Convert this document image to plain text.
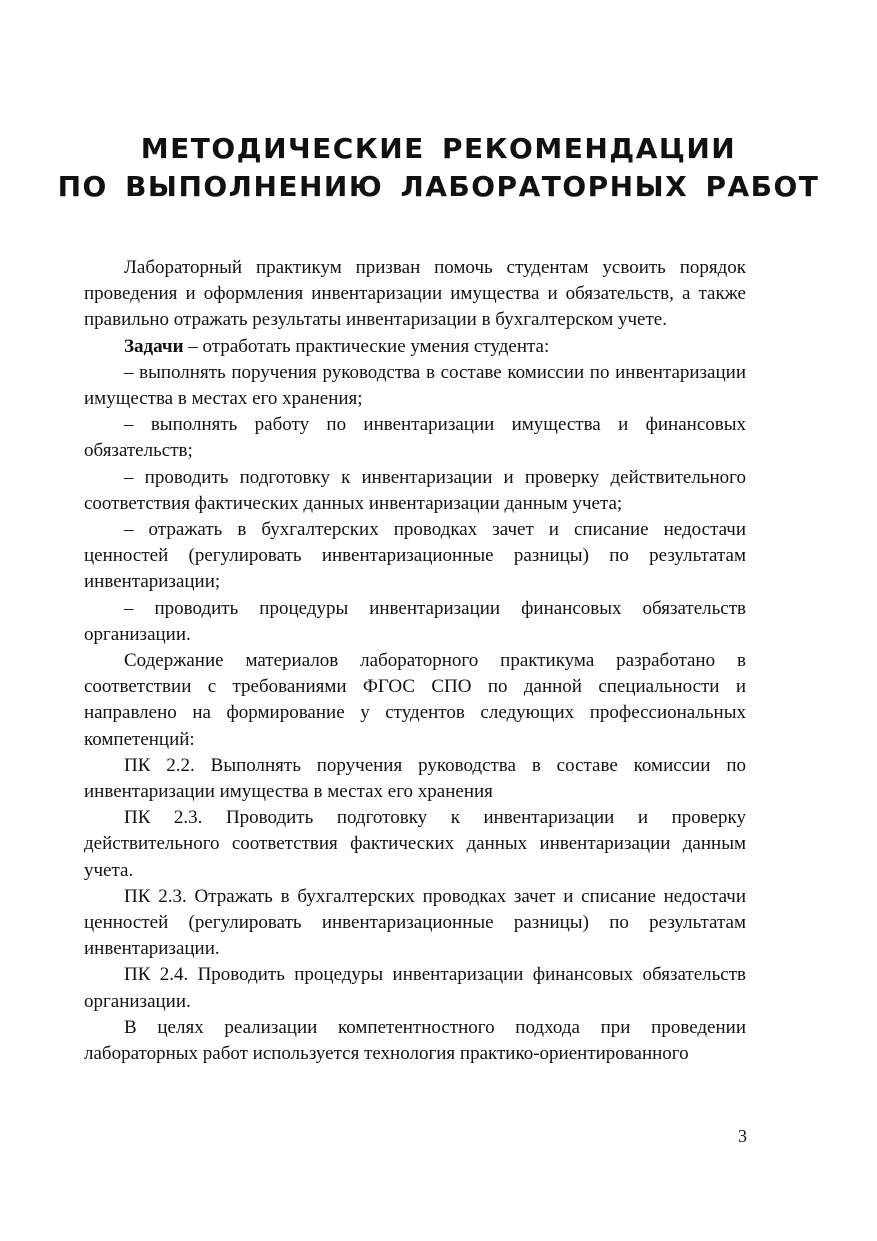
МЕТОДИЧЕСКИЕ РЕКОМЕНДАЦИИ
ПО ВЫПОЛНЕНИЮ ЛАБОРАТОРНЫХ РАБОТ

Лабораторный практикум призван помочь студентам усвоить порядок проведения и оформления инвентаризации имущества и обязательств, а также правильно отражать результаты инвентаризации в бухгалтерском учете.

Задачи – отработать практические умения студента:

– выполнять поручения руководства в составе комиссии по инвентаризации имущества в местах его хранения;

– выполнять работу по инвентаризации имущества и финансовых обязательств;

– проводить подготовку к инвентаризации и проверку действительного соответствия фактических данных инвентаризации данным учета;

– отражать в бухгалтерских проводках зачет и списание недостачи ценностей (регулировать инвентаризационные разницы) по результатам инвентаризации;

– проводить процедуры инвентаризации финансовых обязательств организации.

Содержание материалов лабораторного практикума разработано в соответствии с требованиями ФГОС СПО по данной специальности и направлено на формирование у студентов следующих профессиональных компетенций:

ПК 2.2. Выполнять поручения руководства в составе комиссии по инвентаризации имущества в местах его хранения

ПК 2.3. Проводить подготовку к инвентаризации и проверку действительного соответствия фактических данных инвентаризации данным учета.

ПК 2.3. Отражать в бухгалтерских проводках зачет и списание недостачи ценностей (регулировать инвентаризационные разницы) по результатам инвентаризации.

ПК 2.4. Проводить процедуры инвентаризации финансовых обязательств организации.

В целях реализации компетентностного подхода при проведении лабораторных работ используется технология практико-ориентированного

3
